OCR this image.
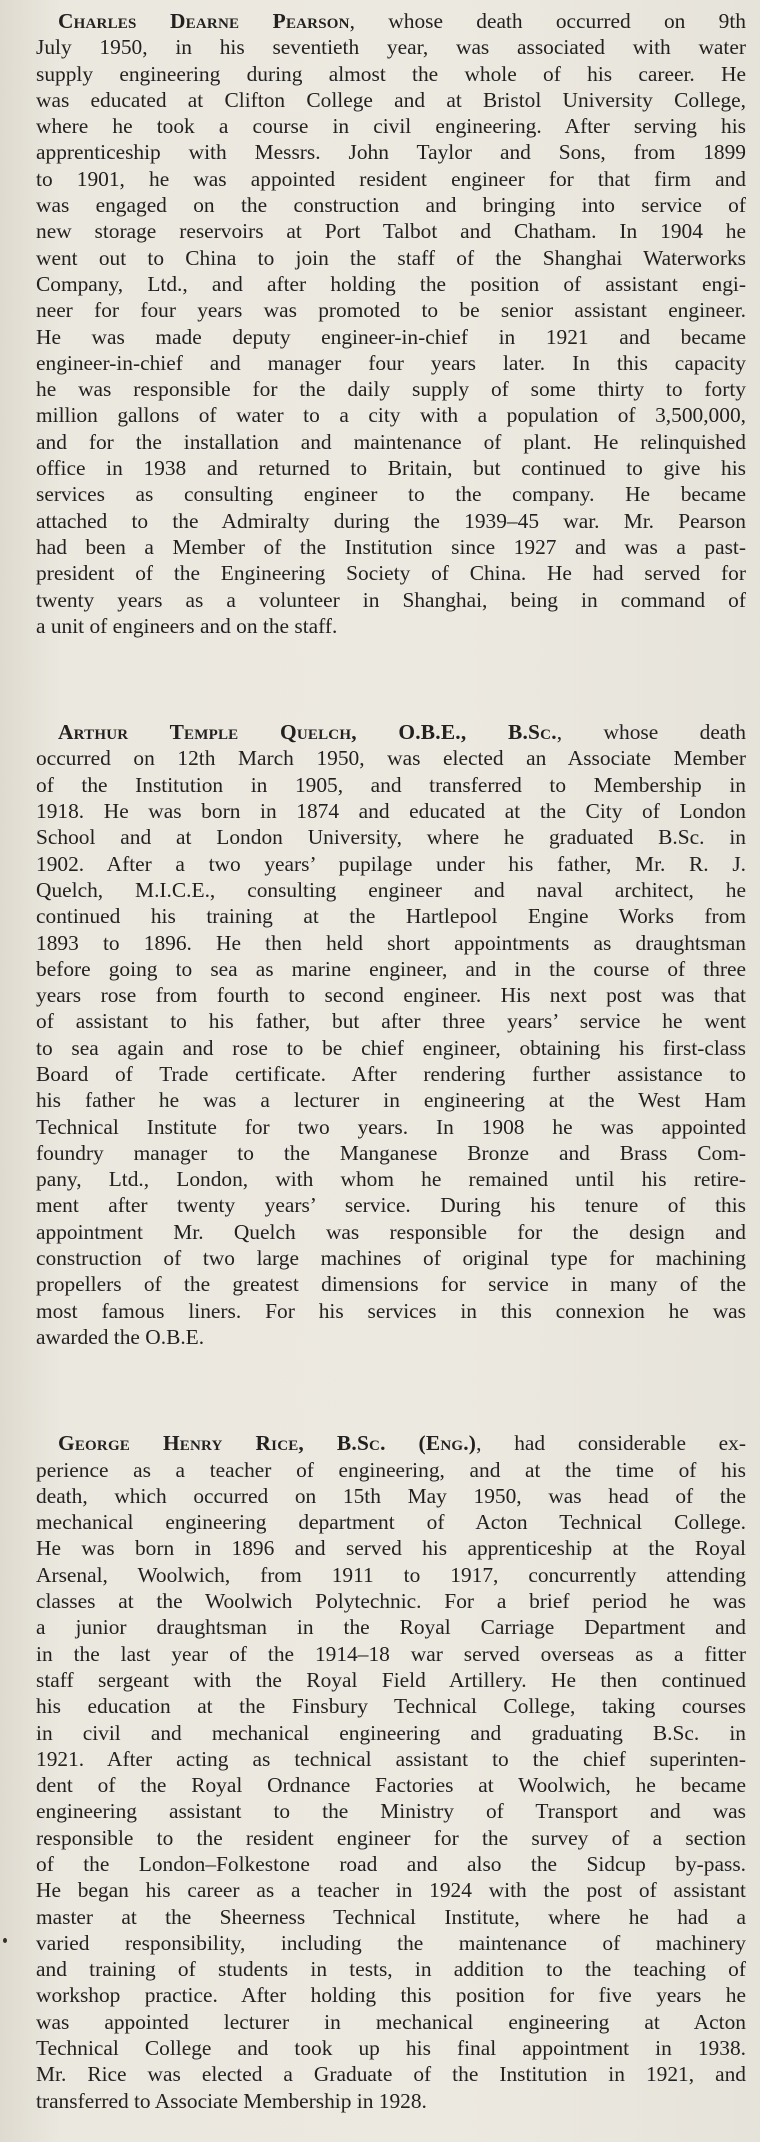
Charles Dearne Pearson, whose death occurred on 9th
July 1950, in his seventieth year, was associated with water
supply engineering during almost the whole of his career. He
was educated at Clifton College and at Bristol University College,
where he took a course in civil engineering. After serving his
apprenticeship with Messrs. John Taylor and Sons, from 1899
to 1901, he was appointed resident engineer for that firm and
was engaged on the construction and bringing into service of
new storage reservoirs at Port Talbot and Chatham. In 1904 he
went out to China to join the staff of the Shanghai Waterworks
Company, Ltd., and after holding the position of assistant engi-
neer for four years was promoted to be senior assistant engineer.
He was made deputy engineer-in-chief in 1921 and became
engineer-in-chief and manager four years later. In this capacity
he was responsible for the daily supply of some thirty to forty
million gallons of water to a city with a population of 3,500,000,
and for the installation and maintenance of plant. He relinquished
office in 1938 and returned to Britain, but continued to give his
services as consulting engineer to the company. He became
attached to the Admiralty during the 1939–45 war. Mr. Pearson
had been a Member of the Institution since 1927 and was a past-
president of the Engineering Society of China. He had served for
twenty years as a volunteer in Shanghai, being in command of
a unit of engineers and on the staff.
Arthur Temple Quelch, O.B.E., B.Sc., whose death
occurred on 12th March 1950, was elected an Associate Member
of the Institution in 1905, and transferred to Membership in
1918. He was born in 1874 and educated at the City of London
School and at London University, where he graduated B.Sc. in
1902. After a two years’ pupilage under his father, Mr. R. J.
Quelch, M.I.C.E., consulting engineer and naval architect, he
continued his training at the Hartlepool Engine Works from
1893 to 1896. He then held short appointments as draughtsman
before going to sea as marine engineer, and in the course of three
years rose from fourth to second engineer. His next post was that
of assistant to his father, but after three years’ service he went
to sea again and rose to be chief engineer, obtaining his first-class
Board of Trade certificate. After rendering further assistance to
his father he was a lecturer in engineering at the West Ham
Technical Institute for two years. In 1908 he was appointed
foundry manager to the Manganese Bronze and Brass Com-
pany, Ltd., London, with whom he remained until his retire-
ment after twenty years’ service. During his tenure of this
appointment Mr. Quelch was responsible for the design and
construction of two large machines of original type for machining
propellers of the greatest dimensions for service in many of the
most famous liners. For his services in this connexion he was
awarded the O.B.E.
George Henry Rice, B.Sc. (Eng.), had considerable ex-
perience as a teacher of engineering, and at the time of his
death, which occurred on 15th May 1950, was head of the
mechanical engineering department of Acton Technical College.
He was born in 1896 and served his apprenticeship at the Royal
Arsenal, Woolwich, from 1911 to 1917, concurrently attending
classes at the Woolwich Polytechnic. For a brief period he was
a junior draughtsman in the Royal Carriage Department and
in the last year of the 1914–18 war served overseas as a fitter
staff sergeant with the Royal Field Artillery. He then continued
his education at the Finsbury Technical College, taking courses
in civil and mechanical engineering and graduating B.Sc. in
1921. After acting as technical assistant to the chief superinten-
dent of the Royal Ordnance Factories at Woolwich, he became
engineering assistant to the Ministry of Transport and was
responsible to the resident engineer for the survey of a section
of the London–Folkestone road and also the Sidcup by-pass.
He began his career as a teacher in 1924 with the post of assistant
master at the Sheerness Technical Institute, where he had a
varied responsibility, including the maintenance of machinery
and training of students in tests, in addition to the teaching of
workshop practice. After holding this position for five years he
was appointed lecturer in mechanical engineering at Acton
Technical College and took up his final appointment in 1938.
Mr. Rice was elected a Graduate of the Institution in 1921, and
transferred to Associate Membership in 1928.
